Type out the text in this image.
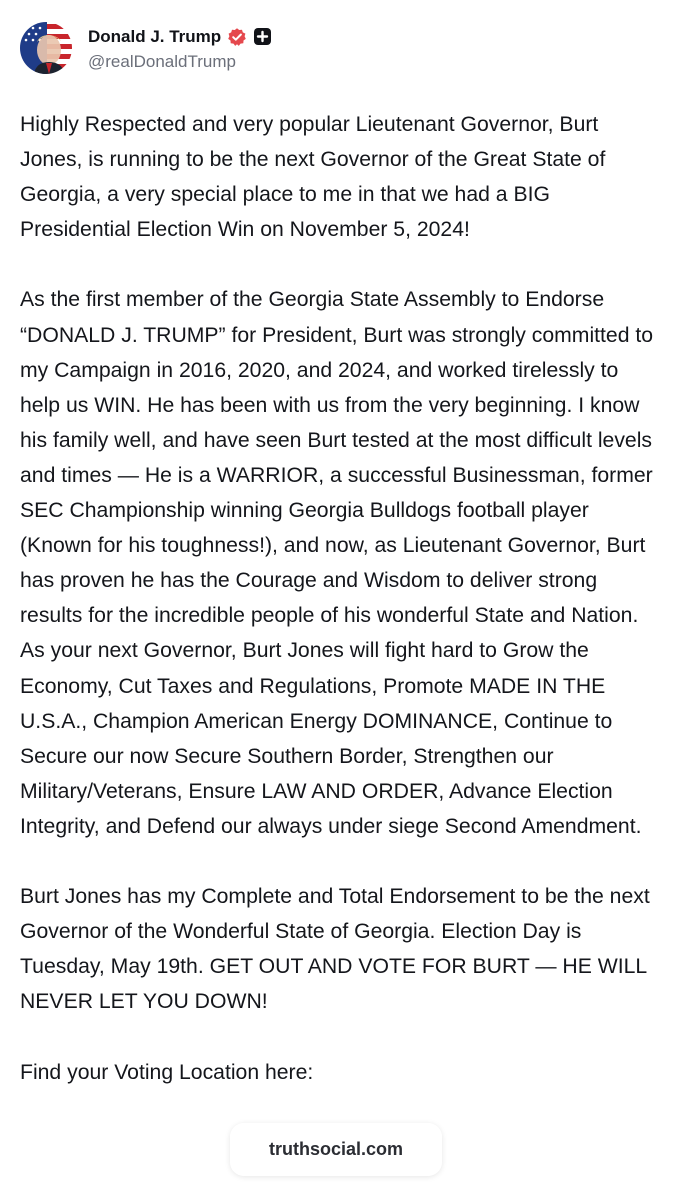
Donald J. Trump
@realDonaldTrump

Highly Respected and very popular Lieutenant Governor, Burt Jones, is running to be the next Governor of the Great State of Georgia, a very special place to me in that we had a BIG Presidential Election Win on November 5, 2024!

As the first member of the Georgia State Assembly to Endorse “DONALD J. TRUMP” for President, Burt was strongly committed to my Campaign in 2016, 2020, and 2024, and worked tirelessly to help us WIN. He has been with us from the very beginning. I know his family well, and have seen Burt tested at the most difficult levels and times — He is a WARRIOR, a successful Businessman, former SEC Championship winning Georgia Bulldogs football player (Known for his toughness!), and now, as Lieutenant Governor, Burt has proven he has the Courage and Wisdom to deliver strong results for the incredible people of his wonderful State and Nation. As your next Governor, Burt Jones will fight hard to Grow the Economy, Cut Taxes and Regulations, Promote MADE IN THE U.S.A., Champion American Energy DOMINANCE, Continue to Secure our now Secure Southern Border, Strengthen our Military/Veterans, Ensure LAW AND ORDER, Advance Election Integrity, and Defend our always under siege Second Amendment.

Burt Jones has my Complete and Total Endorsement to be the next Governor of the Wonderful State of Georgia. Election Day is Tuesday, May 19th. GET OUT AND VOTE FOR BURT — HE WILL NEVER LET YOU DOWN!

Find your Voting Location here:

truthsocial.com
